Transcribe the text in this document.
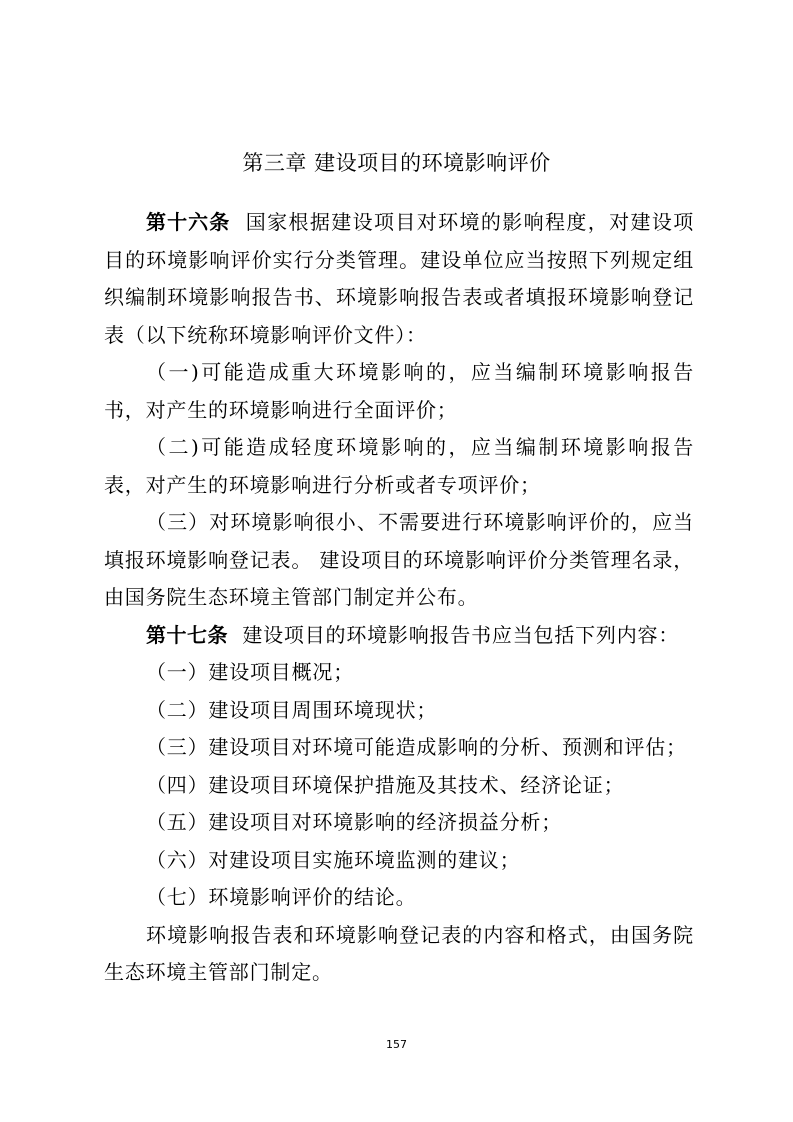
第三章 建设项目的环境影响评价

第十六条 国家根据建设项目对环境的影响程度，对建设项目的环境影响评价实行分类管理。建设单位应当按照下列规定组织编制环境影响报告书、环境影响报告表或者填报环境影响登记表（以下统称环境影响评价文件）：

（一)可能造成重大环境影响的，应当编制环境影响报告书，对产生的环境影响进行全面评价；

（二)可能造成轻度环境影响的，应当编制环境影响报告表，对产生的环境影响进行分析或者专项评价；

（三）对环境影响很小、不需要进行环境影响评价的，应当填报环境影响登记表。 建设项目的环境影响评价分类管理名录，由国务院生态环境主管部门制定并公布。

第十七条 建设项目的环境影响报告书应当包括下列内容：

（一）建设项目概况；

（二）建设项目周围环境现状；

（三）建设项目对环境可能造成影响的分析、预测和评估；

（四）建设项目环境保护措施及其技术、经济论证；

（五）建设项目对环境影响的经济损益分析；

（六）对建设项目实施环境监测的建议；

（七）环境影响评价的结论。

环境影响报告表和环境影响登记表的内容和格式，由国务院生态环境主管部门制定。

157
